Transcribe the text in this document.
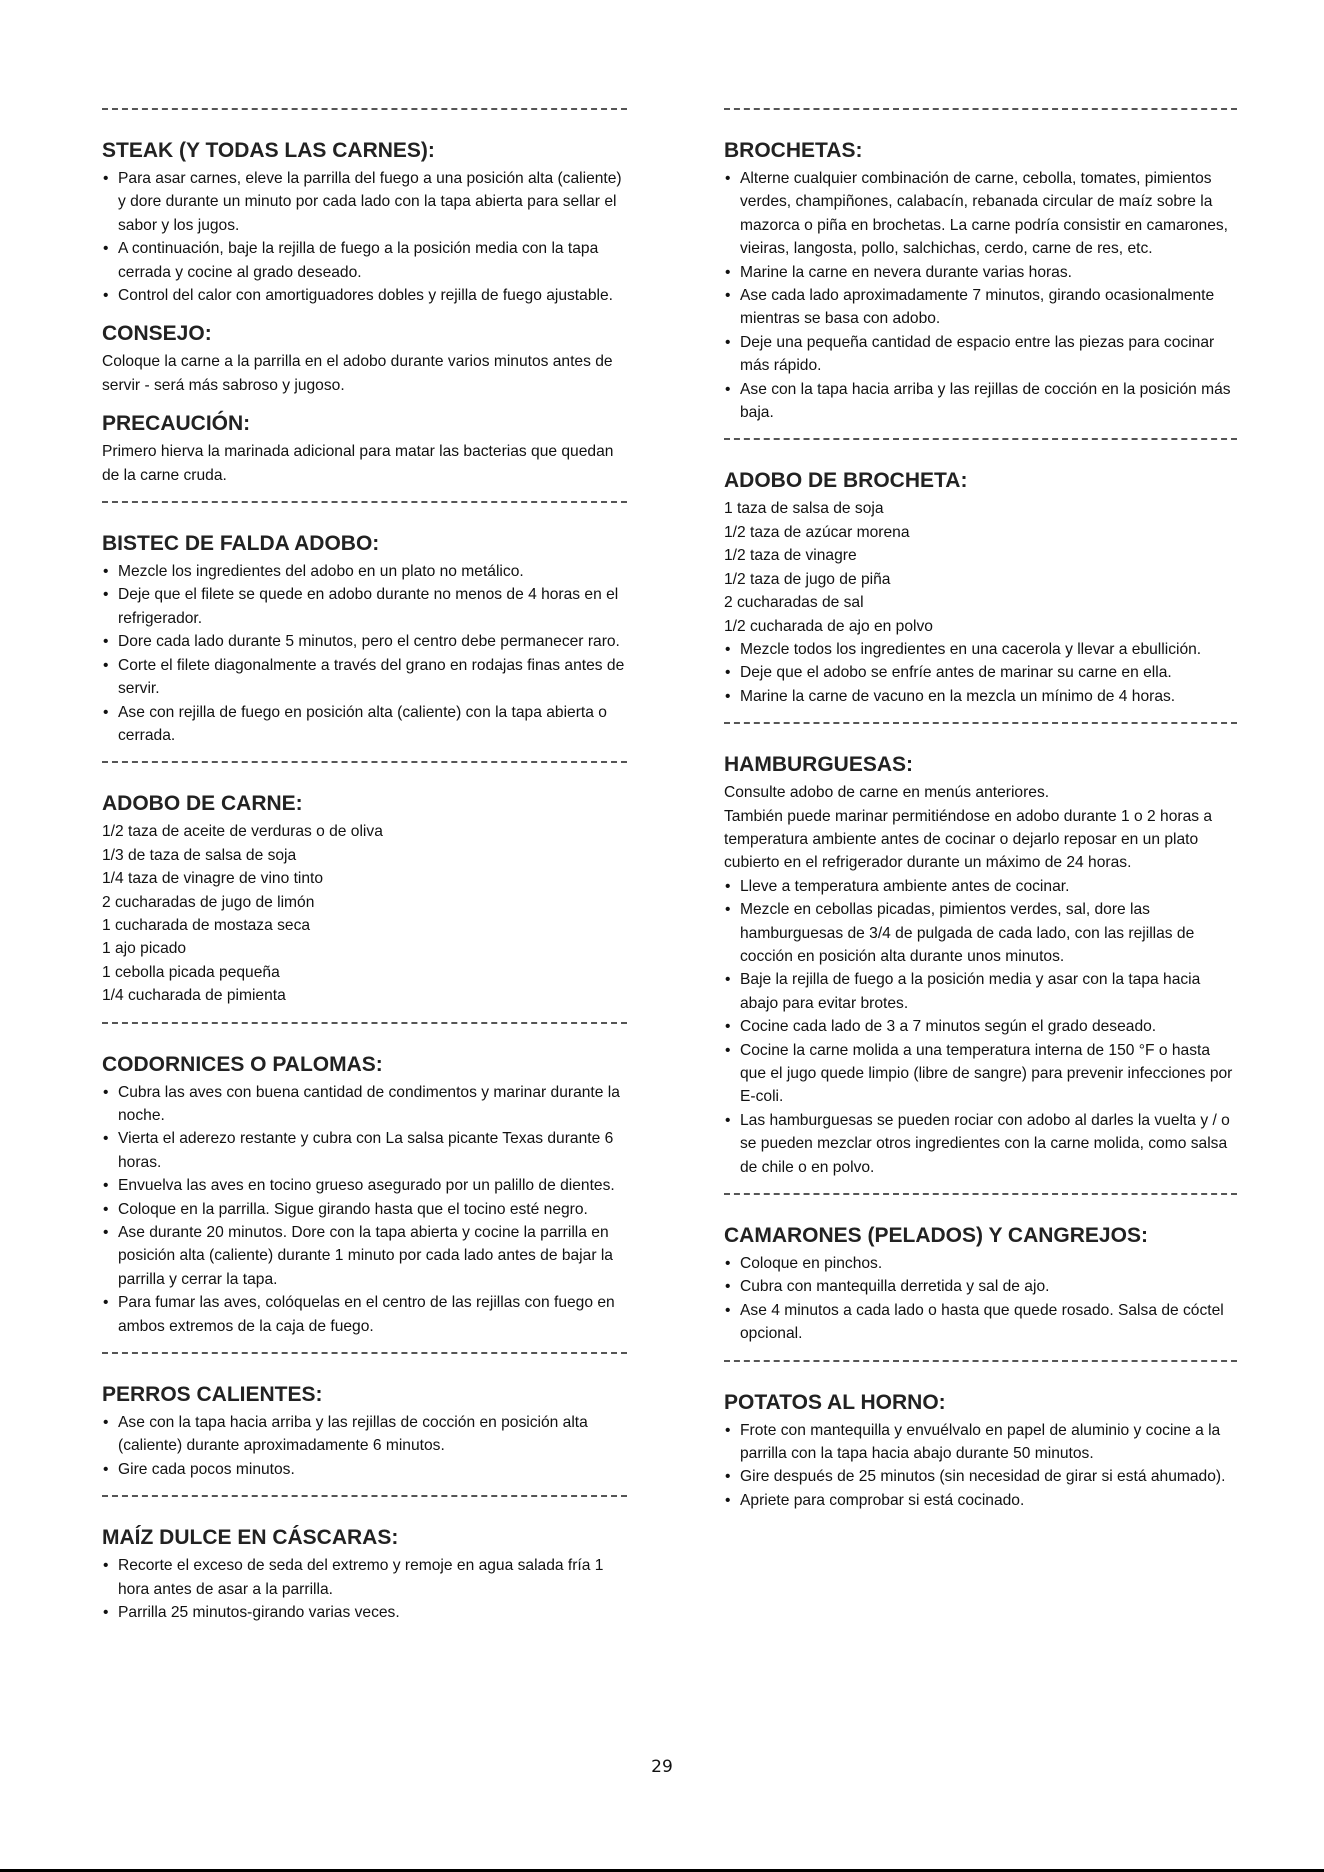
STEAK (Y TODAS LAS CARNES):
• Para asar carnes, eleve la parrilla del fuego a una posición alta (caliente) y dore durante un minuto por cada lado con la tapa abierta para sellar el sabor y los jugos.
• A continuación, baje la rejilla de fuego a la posición media con la tapa cerrada y cocine al grado deseado.
• Control del calor con amortiguadores dobles y rejilla de fuego ajustable.
CONSEJO:

Coloque la carne a la parrilla en el adobo durante varios minutos antes de servir - será más sabroso y jugoso.

PRECAUCIÓN:

Primero hierva la marinada adicional para matar las bacterias que quedan de la carne cruda.

BISTEC DE FALDA ADOBO:
• Mezcle los ingredientes del adobo en un plato no metálico.
• Deje que el filete se quede en adobo durante no menos de 4 horas en el refrigerador.
• Dore cada lado durante 5 minutos, pero el centro debe permanecer raro.
• Corte el filete diagonalmente a través del grano en rodajas finas antes de servir.
• Ase con rejilla de fuego en posición alta (caliente) con la tapa abierta o cerrada.
ADOBO DE CARNE:

1/2 taza de aceite de verduras o de oliva

1/3 de taza de salsa de soja

1/4 taza de vinagre de vino tinto

2 cucharadas de jugo de limón

1 cucharada de mostaza seca

1 ajo picado

1 cebolla picada pequeña

1/4 cucharada de pimienta

CODORNICES O PALOMAS:
• Cubra las aves con buena cantidad de condimentos y marinar durante la noche.
• Vierta el aderezo restante y cubra con La salsa picante Texas durante 6 horas.
• Envuelva las aves en tocino grueso asegurado por un palillo de dientes.
• Coloque en la parrilla. Sigue girando hasta que el tocino esté negro.
• Ase durante 20 minutos. Dore con la tapa abierta y cocine la parrilla en posición alta (caliente) durante 1 minuto por cada lado antes de bajar la parrilla y cerrar la tapa.
• Para fumar las aves, colóquelas en el centro de las rejillas con fuego en ambos extremos de la caja de fuego.
PERROS CALIENTES:
• Ase con la tapa hacia arriba y las rejillas de cocción en posición alta (caliente) durante aproximadamente 6 minutos.
• Gire cada pocos minutos.
MAÍZ DULCE EN CÁSCARAS:
• Recorte el exceso de seda del extremo y remoje en agua salada fría 1 hora antes de asar a la parrilla.
• Parrilla 25 minutos-girando varias veces.
BROCHETAS:
• Alterne cualquier combinación de carne, cebolla, tomates, pimientos verdes, champiñones, calabacín, rebanada circular de maíz sobre la mazorca o piña en brochetas. La carne podría consistir en camarones, vieiras, langosta, pollo, salchichas, cerdo, carne de res, etc.
• Marine la carne en nevera durante varias horas.
• Ase cada lado aproximadamente 7 minutos, girando ocasionalmente mientras se basa con adobo.
• Deje una pequeña cantidad de espacio entre las piezas para cocinar más rápido.
• Ase con la tapa hacia arriba y las rejillas de cocción en la posición más baja.
ADOBO DE BROCHETA:

1 taza de salsa de soja

1/2 taza de azúcar morena

1/2 taza de vinagre

1/2 taza de jugo de piña

2 cucharadas de sal

1/2 cucharada de ajo en polvo

• Mezcle todos los ingredientes en una cacerola y llevar a ebullición.
• Deje que el adobo se enfríe antes de marinar su carne en ella.
• Marine la carne de vacuno en la mezcla un mínimo de 4 horas.
HAMBURGUESAS:

Consulte adobo de carne en menús anteriores.

También puede marinar permitiéndose en adobo durante 1 o 2 horas a temperatura ambiente antes de cocinar o dejarlo reposar en un plato cubierto en el refrigerador durante un máximo de 24 horas.

• Lleve a temperatura ambiente antes de cocinar.
• Mezcle en cebollas picadas, pimientos verdes, sal, dore las hamburguesas de 3/4 de pulgada de cada lado, con las rejillas de cocción en posición alta durante unos minutos.
• Baje la rejilla de fuego a la posición media y asar con la tapa hacia abajo para evitar brotes.
• Cocine cada lado de 3 a 7 minutos según el grado deseado.
• Cocine la carne molida a una temperatura interna de 150 °F o hasta que el jugo quede limpio (libre de sangre) para prevenir infecciones por E-coli.
• Las hamburguesas se pueden rociar con adobo al darles la vuelta y / o se pueden mezclar otros ingredientes con la carne molida, como salsa de chile o en polvo.
CAMARONES (PELADOS) Y CANGREJOS:
• Coloque en pinchos.
• Cubra con mantequilla derretida y sal de ajo.
• Ase 4 minutos a cada lado o hasta que quede rosado. Salsa de cóctel opcional.
POTATOS AL HORNO:
• Frote con mantequilla y envuélvalo en papel de aluminio y cocine a la parrilla con la tapa hacia abajo durante 50 minutos.
• Gire después de 25 minutos (sin necesidad de girar si está ahumado).
• Apriete para comprobar si está cocinado.
29
